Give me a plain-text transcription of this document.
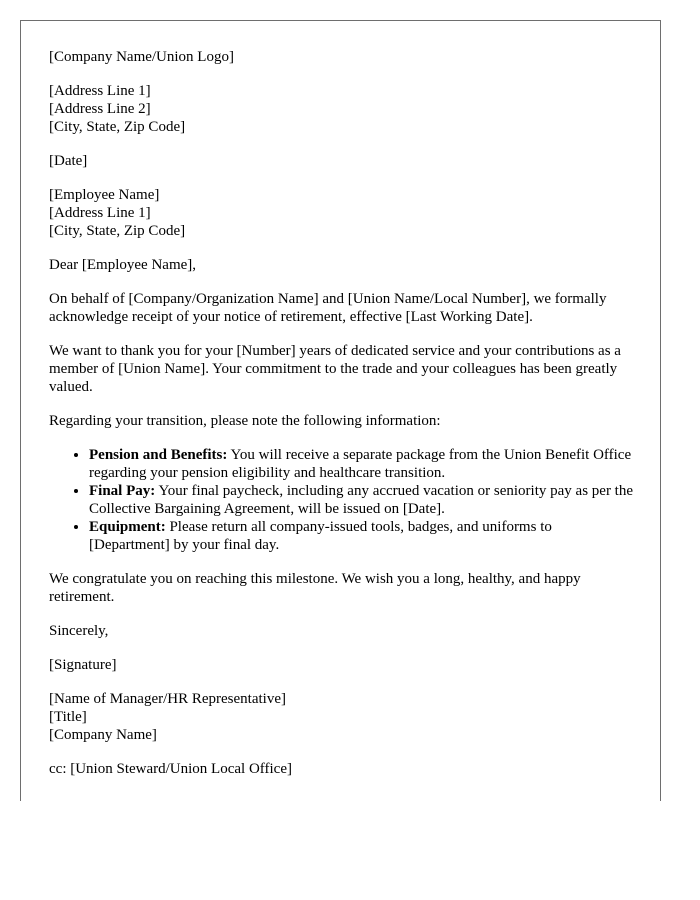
[Company Name/Union Logo]

[Address Line 1]
[Address Line 2]
[City, State, Zip Code]

[Date]

[Employee Name]
[Address Line 1]
[City, State, Zip Code]

Dear [Employee Name],

On behalf of [Company/Organization Name] and [Union Name/Local Number], we formally acknowledge receipt of your notice of retirement, effective [Last Working Date].

We want to thank you for your [Number] years of dedicated service and your contributions as a member of [Union Name]. Your commitment to the trade and your colleagues has been greatly valued.

Regarding your transition, please note the following information:

• Pension and Benefits: You will receive a separate package from the Union Benefit Office regarding your pension eligibility and healthcare transition.
• Final Pay: Your final paycheck, including any accrued vacation or seniority pay as per the Collective Bargaining Agreement, will be issued on [Date].
• Equipment: Please return all company-issued tools, badges, and uniforms to [Department] by your final day.

We congratulate you on reaching this milestone. We wish you a long, healthy, and happy retirement.

Sincerely,

[Signature]

[Name of Manager/HR Representative]
[Title]
[Company Name]

cc: [Union Steward/Union Local Office]
